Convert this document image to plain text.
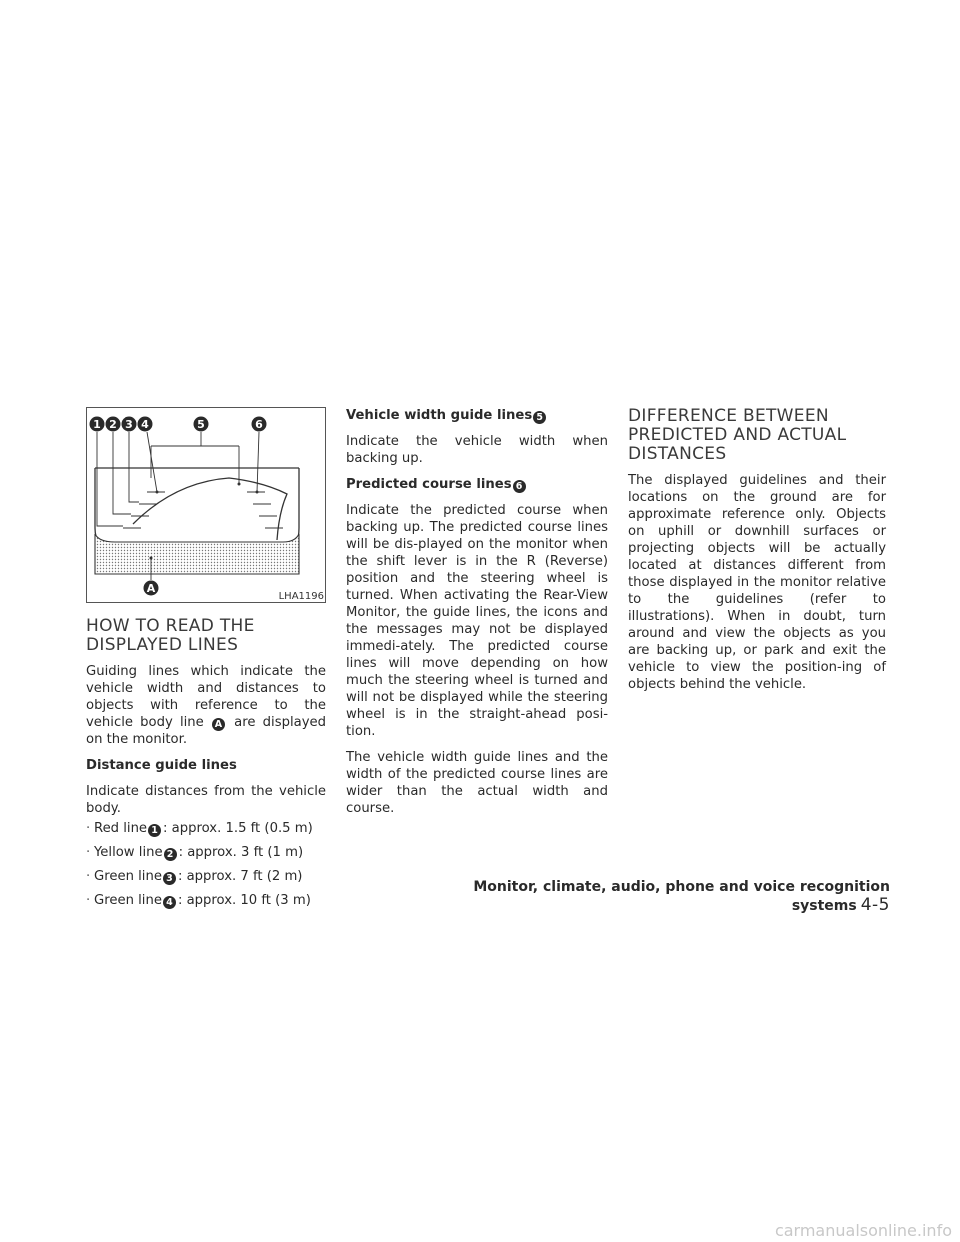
1 2 3 4	5	6
A
LHA1196
HOW TO READ THE DISPLAYED LINES

Guiding lines which indicate the vehicle width and distances to objects with reference to the vehicle body line A are displayed on the monitor.

Distance guide lines

Indicate distances from the vehicle body.

· Red line 1 : approx. 1.5 ft (0.5 m)
· Yellow line 2 : approx. 3 ft (1 m)
· Green line 3 : approx. 7 ft (2 m)
· Green line 4 : approx. 10 ft (3 m)

Vehicle width guide lines 5

Indicate the vehicle width when backing up.

Predicted course lines 6

Indicate the predicted course when backing up. The predicted course lines will be dis-played on the monitor when the shift lever is in the R (Reverse) position and the steering wheel is turned. When activating the Rear-View Monitor, the guide lines, the icons and the messages may not be displayed immedi-ately. The predicted course lines will move depending on how much the steering wheel is turned and will not be displayed while the steering wheel is in the straight-ahead posi-tion.

The vehicle width guide lines and the width of the predicted course lines are wider than the actual width and course.

DIFFERENCE BETWEEN PREDICTED AND ACTUAL DISTANCES

The displayed guidelines and their locations on the ground are for approximate reference only. Objects on uphill or downhill surfaces or projecting objects will be actually located at distances different from those displayed in the monitor relative to the guidelines (refer to illustrations). When in doubt, turn around and view the objects as you are backing up, or park and exit the vehicle to view the position-ing of objects behind the vehicle.

Monitor, climate, audio, phone and voice recognition systems 4-5
carmanualsonline.info
